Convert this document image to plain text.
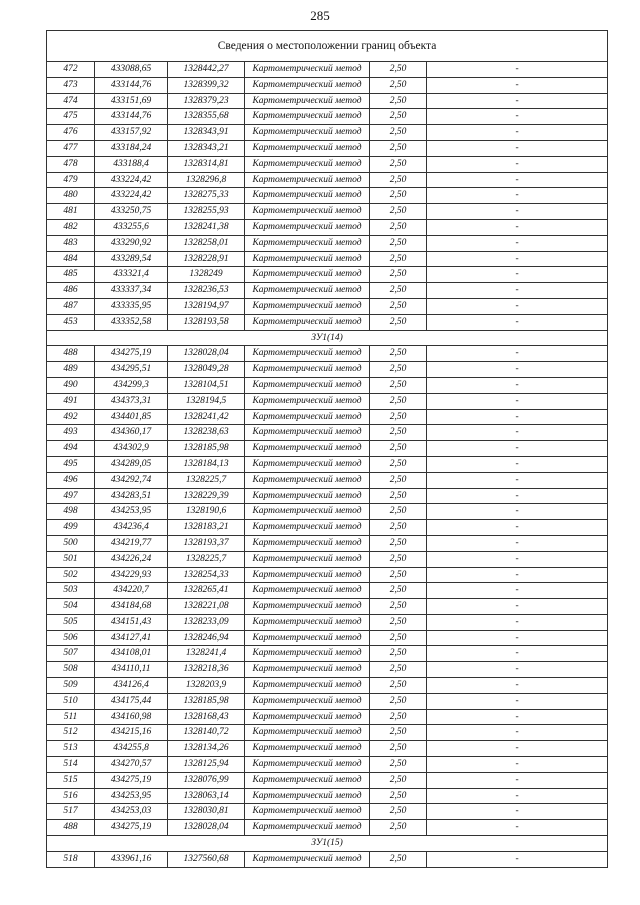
285
Сведения о местоположении границ объекта					
472	433088,65	1328442,27	Картометрический метод	2,50	-
473	433144,76	1328399,32	Картометрический метод	2,50	-
474	433151,69	1328379,23	Картометрический метод	2,50	-
475	433144,76	1328355,68	Картометрический метод	2,50	-
476	433157,92	1328343,91	Картометрический метод	2,50	-
477	433184,24	1328343,21	Картометрический метод	2,50	-
478	433188,4	1328314,81	Картометрический метод	2,50	-
479	433224,42	1328296,8	Картометрический метод	2,50	-
480	433224,42	1328275,33	Картометрический метод	2,50	-
481	433250,75	1328255,93	Картометрический метод	2,50	-
482	433255,6	1328241,38	Картометрический метод	2,50	-
483	433290,92	1328258,01	Картометрический метод	2,50	-
484	433289,54	1328228,91	Картометрический метод	2,50	-
485	433321,4	1328249	Картометрический метод	2,50	-
486	433337,34	1328236,53	Картометрический метод	2,50	-
487	433335,95	1328194,97	Картометрический метод	2,50	-
453	433352,58	1328193,58	Картометрический метод	2,50	-
ЗУ1(14)					
488	434275,19	1328028,04	Картометрический метод	2,50	-
489	434295,51	1328049,28	Картометрический метод	2,50	-
490	434299,3	1328104,51	Картометрический метод	2,50	-
491	434373,31	1328194,5	Картометрический метод	2,50	-
492	434401,85	1328241,42	Картометрический метод	2,50	-
493	434360,17	1328238,63	Картометрический метод	2,50	-
494	434302,9	1328185,98	Картометрический метод	2,50	-
495	434289,05	1328184,13	Картометрический метод	2,50	-
496	434292,74	1328225,7	Картометрический метод	2,50	-
497	434283,51	1328229,39	Картометрический метод	2,50	-
498	434253,95	1328190,6	Картометрический метод	2,50	-
499	434236,4	1328183,21	Картометрический метод	2,50	-
500	434219,77	1328193,37	Картометрический метод	2,50	-
501	434226,24	1328225,7	Картометрический метод	2,50	-
502	434229,93	1328254,33	Картометрический метод	2,50	-
503	434220,7	1328265,41	Картометрический метод	2,50	-
504	434184,68	1328221,08	Картометрический метод	2,50	-
505	434151,43	1328233,09	Картометрический метод	2,50	-
506	434127,41	1328246,94	Картометрический метод	2,50	-
507	434108,01	1328241,4	Картометрический метод	2,50	-
508	434110,11	1328218,36	Картометрический метод	2,50	-
509	434126,4	1328203,9	Картометрический метод	2,50	-
510	434175,44	1328185,98	Картометрический метод	2,50	-
511	434160,98	1328168,43	Картометрический метод	2,50	-
512	434215,16	1328140,72	Картометрический метод	2,50	-
513	434255,8	1328134,26	Картометрический метод	2,50	-
514	434270,57	1328125,94	Картометрический метод	2,50	-
515	434275,19	1328076,99	Картометрический метод	2,50	-
516	434253,95	1328063,14	Картометрический метод	2,50	-
517	434253,03	1328030,81	Картометрический метод	2,50	-
488	434275,19	1328028,04	Картометрический метод	2,50	-
ЗУ1(15)					
518	433961,16	1327560,68	Картометрический метод	2,50	-
